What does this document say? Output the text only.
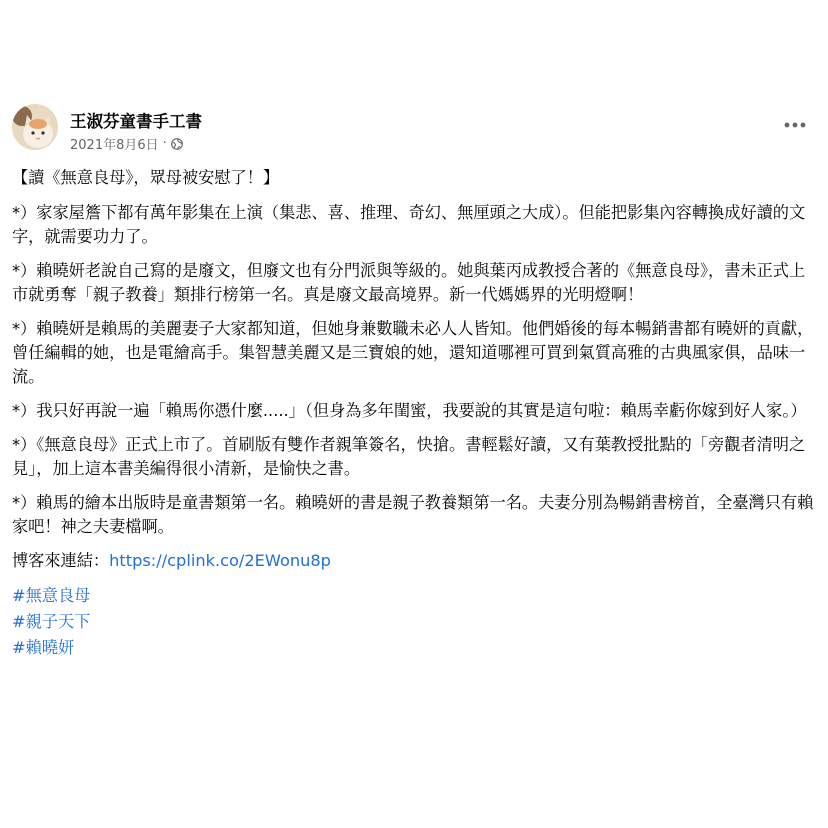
王淑芬童書手工書
2021年8月6日 ·

【讀《無意良母》，眾母被安慰了！】

*）家家屋簷下都有萬年影集在上演（集悲、喜、推理、奇幻、無厘頭之大成）。但能把影集內容轉換成好讀的文字，就需要功力了。

*）賴曉妍老說自己寫的是廢文，但廢文也有分門派與等級的。她與葉丙成教授合著的《無意良母》，書未正式上市就勇奪「親子教養」類排行榜第一名。真是廢文最高境界。新一代媽媽界的光明燈啊！

*）賴曉妍是賴馬的美麗妻子大家都知道，但她身兼數職未必人人皆知。他們婚後的每本暢銷書都有曉妍的貢獻，曾任編輯的她，也是電繪高手。集智慧美麗又是三寶娘的她，還知道哪裡可買到氣質高雅的古典風家俱，品味一流。

*）我只好再說一遍「賴馬你憑什麼.....」（但身為多年閨蜜，我要說的其實是這句啦：賴馬幸虧你嫁到好人家。）

*）《無意良母》正式上市了。首刷版有雙作者親筆簽名，快搶。書輕鬆好讀，又有葉教授批點的「旁觀者清明之見」，加上這本書美編得很小清新，是愉快之書。

*）賴馬的繪本出版時是童書類第一名。賴曉妍的書是親子教養類第一名。夫妻分別為暢銷書榜首，全臺灣只有賴家吧！神之夫妻檔啊。

博客來連結：https://cplink.co/2EWonu8p

#無意良母
#親子天下
#賴曉妍
